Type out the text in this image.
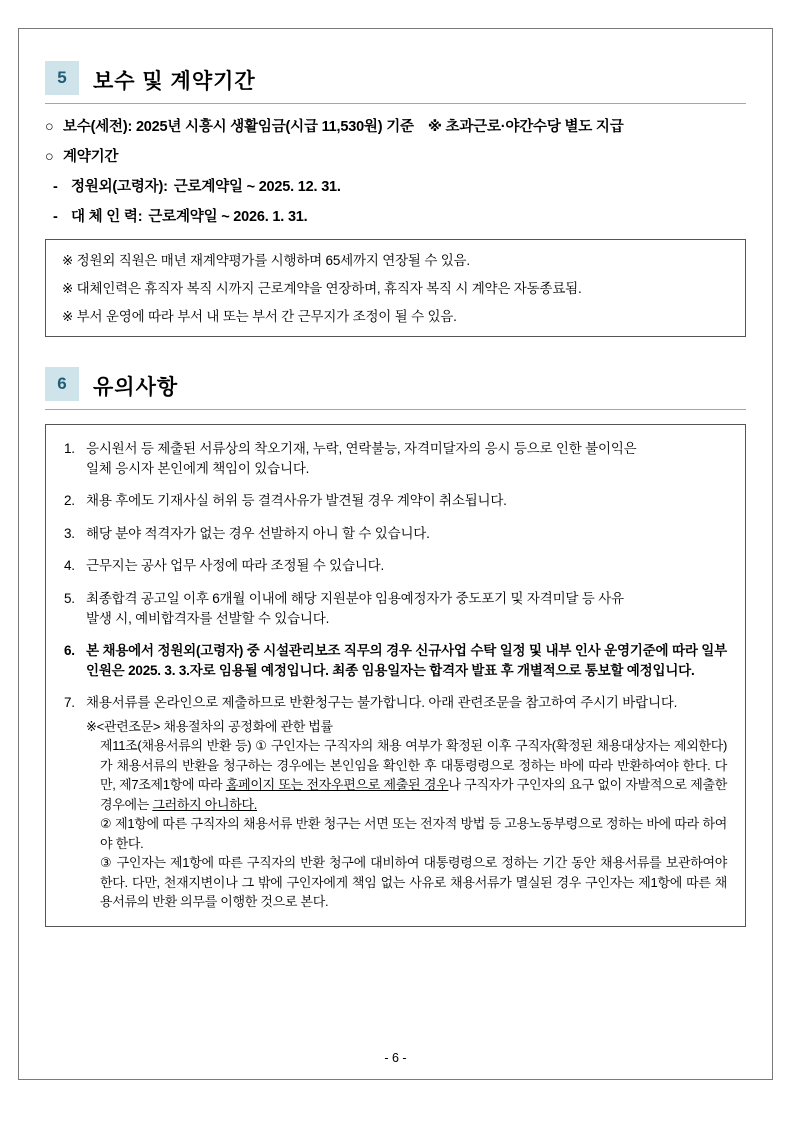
5	보수 및 계약기간

○ 보수(세전): 2025년 시흥시 생활임금(시급 11,530원) 기준 ※ 초과근로·야간수당 별도 지급

○ 계약기간

- 정원외(고령자): 근로계약일 ~ 2025. 12. 31.

- 대 체 인 력: 근로계약일 ~ 2026. 1. 31.

※ 정원외 직원은 매년 재계약평가를 시행하며 65세까지 연장될 수 있음.

※ 대체인력은 휴직자 복직 시까지 근로계약을 연장하며, 휴직자 복직 시 계약은 자동종료됨.

※ 부서 운영에 따라 부서 내 또는 부서 간 근무지가 조정이 될 수 있음.

6	유의사항
1. 응시원서 등 제출된 서류상의 착오기재, 누락, 연락불능, 자격미달자의 응시 등으로 인한 불이익은
일체 응시자 본인에게 책임이 있습니다.
2. 채용 후에도 기재사실 허위 등 결격사유가 발견될 경우 계약이 취소됩니다.
3. 해당 분야 적격자가 없는 경우 선발하지 아니 할 수 있습니다.
4. 근무지는 공사 업무 사정에 따라 조정될 수 있습니다.
5. 최종합격 공고일 이후 6개월 이내에 해당 지원분야 임용예정자가 중도포기 및 자격미달 등 사유
발생 시, 예비합격자를 선발할 수 있습니다.
6. 본 채용에서 정원외(고령자) 중 시설관리보조 직무의 경우 신규사업 수탁 일정 및 내부 인사 운영기준에 따라 일부 인원은 2025. 3. 3.자로 임용될 예정입니다. 최종 임용일자는 합격자 발표 후 개별적으로 통보할 예정입니다.
7. 채용서류를 온라인으로 제출하므로 반환청구는 불가합니다. 아래 관련조문을 참고하여 주시기 바랍니다.

※<관련조문> 채용절차의 공정화에 관한 법률

제11조(채용서류의 반환 등) ① 구인자는 구직자의 채용 여부가 확정된 이후 구직자(확정된 채용대상자는 제외한다)가 채용서류의 반환을 청구하는 경우에는 본인임을 확인한 후 대통령령으로 정하는 바에 따라 반환하여야 한다. 다만, 제7조제1항에 따라 홈페이지 또는 전자우편으로 제출된 경우나 구직자가 구인자의 요구 없이 자발적으로 제출한 경우에는 그러하지 아니하다.

② 제1항에 따른 구직자의 채용서류 반환 청구는 서면 또는 전자적 방법 등 고용노동부령으로 정하는 바에 따라 하여야 한다.

③ 구인자는 제1항에 따른 구직자의 반환 청구에 대비하여 대통령령으로 정하는 기간 동안 채용서류를 보관하여야 한다. 다만, 천재지변이나 그 밖에 구인자에게 책임 없는 사유로 채용서류가 멸실된 경우 구인자는 제1항에 따른 채용서류의 반환 의무를 이행한 것으로 본다.

- 6 -
